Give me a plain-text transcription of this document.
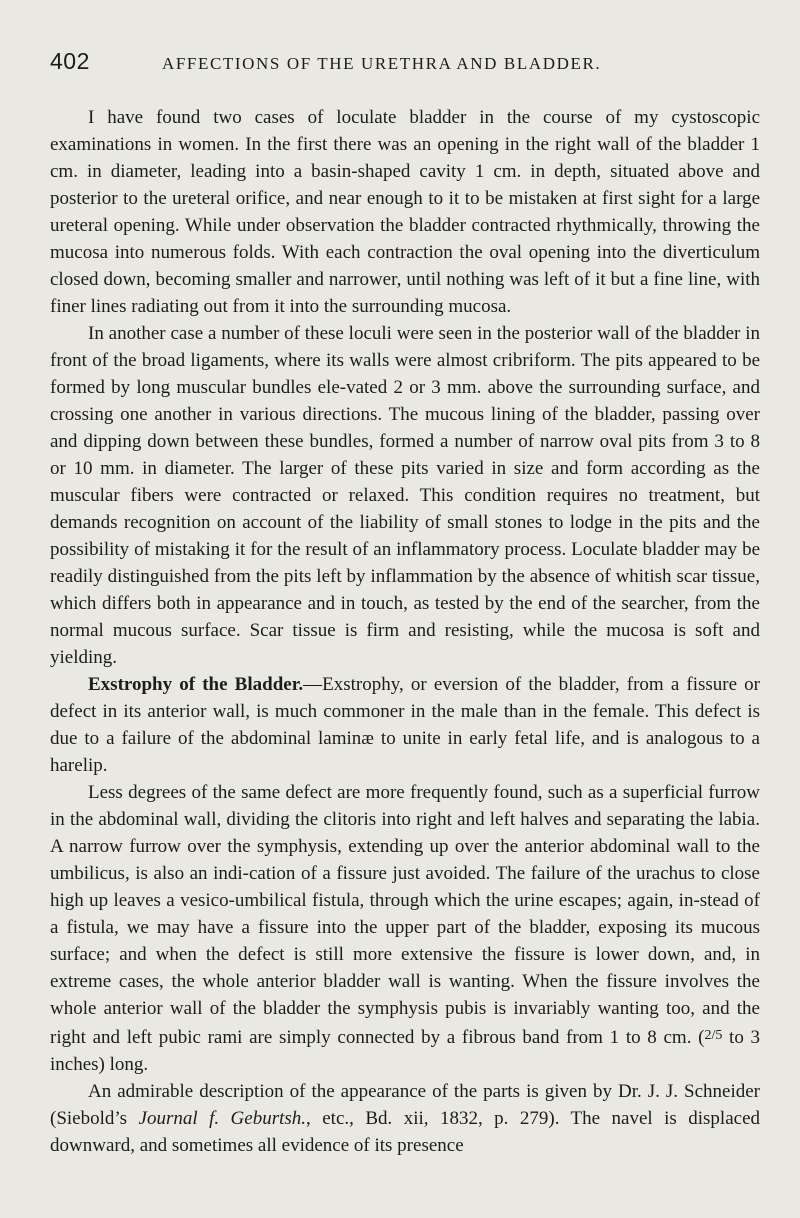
402	AFFECTIONS OF THE URETHRA AND BLADDER.

I have found two cases of loculate bladder in the course of my cystoscopic examinations in women. In the first there was an opening in the right wall of the bladder 1 cm. in diameter, leading into a basin-shaped cavity 1 cm. in depth, situated above and posterior to the ureteral orifice, and near enough to it to be mistaken at first sight for a large ureteral opening. While under observation the bladder contracted rhythmically, throwing the mucosa into numerous folds. With each contraction the oval opening into the diverticulum closed down, becoming smaller and narrower, until nothing was left of it but a fine line, with finer lines radiating out from it into the surrounding mucosa.

In another case a number of these loculi were seen in the posterior wall of the bladder in front of the broad ligaments, where its walls were almost cribriform. The pits appeared to be formed by long muscular bundles ele-vated 2 or 3 mm. above the surrounding surface, and crossing one another in various directions. The mucous lining of the bladder, passing over and dipping down between these bundles, formed a number of narrow oval pits from 3 to 8 or 10 mm. in diameter. The larger of these pits varied in size and form according as the muscular fibers were contracted or relaxed. This condition requires no treatment, but demands recognition on account of the liability of small stones to lodge in the pits and the possibility of mistaking it for the result of an inflammatory process. Loculate bladder may be readily distinguished from the pits left by inflammation by the absence of whitish scar tissue, which differs both in appearance and in touch, as tested by the end of the searcher, from the normal mucous surface. Scar tissue is firm and resisting, while the mucosa is soft and yielding.

Exstrophy of the Bladder.—Exstrophy, or eversion of the bladder, from a fissure or defect in its anterior wall, is much commoner in the male than in the female. This defect is due to a failure of the abdominal laminæ to unite in early fetal life, and is analogous to a harelip.

Less degrees of the same defect are more frequently found, such as a superficial furrow in the abdominal wall, dividing the clitoris into right and left halves and separating the labia. A narrow furrow over the symphysis, extending up over the anterior abdominal wall to the umbilicus, is also an indi-cation of a fissure just avoided. The failure of the urachus to close high up leaves a vesico-umbilical fistula, through which the urine escapes; again, in-stead of a fistula, we may have a fissure into the upper part of the bladder, exposing its mucous surface; and when the defect is still more extensive the fissure is lower down, and, in extreme cases, the whole anterior bladder wall is wanting. When the fissure involves the whole anterior wall of the bladder the symphysis pubis is invariably wanting too, and the right and left pubic rami are simply connected by a fibrous band from 1 to 8 cm. ($^{2/5}$ to 3 inches) long.

An admirable description of the appearance of the parts is given by Dr. J. J. Schneider (Siebold’s Journal f. Geburtsh., etc., Bd. xii, 1832, p. 279). The navel is displaced downward, and sometimes all evidence of its presence
